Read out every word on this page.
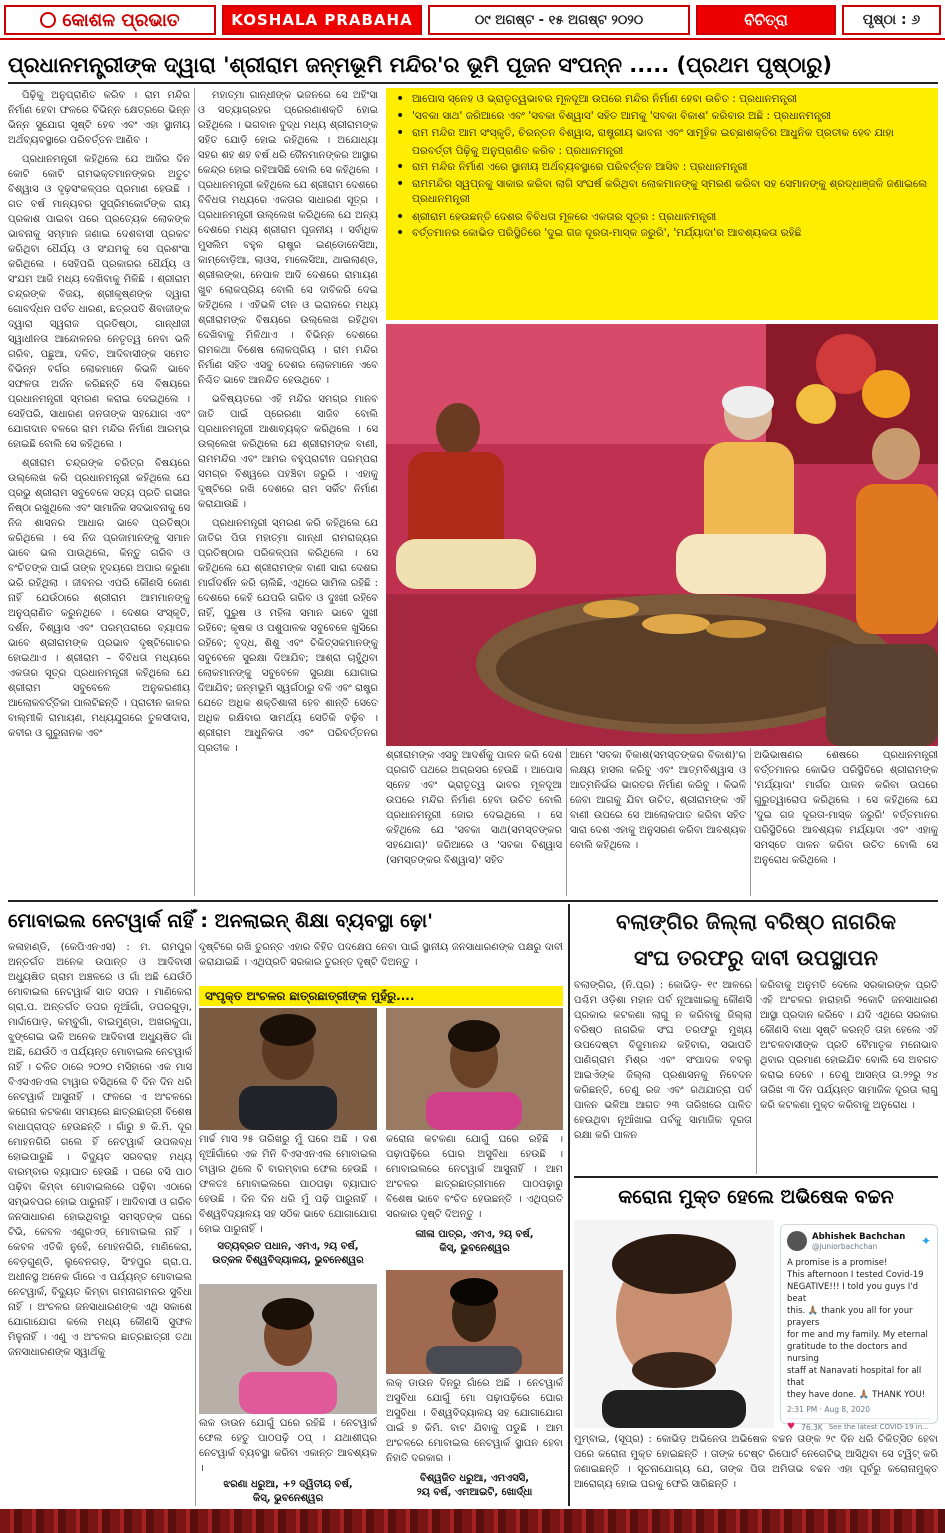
କୋଶଳ ପ୍ରଭାତ	KOSHALA PRABAHA	୦୯ ଅଗଷ୍ଟ - ୧୫ ଅଗଷ୍ଟ ୨୦୨୦	ବିଚିତ୍ରା	ପୃଷ୍ଠା : ୬
ପ୍ରଧାନମନ୍ତ୍ରୀଙ୍କ ଦ୍ୱାରା 'ଶ୍ରୀରାମ ଜନ୍ମଭୂମି ମନ୍ଦିର'ର ଭୂମି ପୂଜନ ସଂପନ୍ନ ..... (ପ୍ରଥମ ପୃଷ୍ଠାରୁ)

ପିଢ଼ିକୁ ଅନୁପ୍ରାଣିତ କରିବ । ରାମ ମନ୍ଦିର ନିର୍ମାଣ ହେବା ଫଳରେ ବିଭିନ୍ନ କ୍ଷେତ୍ରରେ ଭିନ୍ନ ଭିନ୍ନ ସୁଯୋଗ ସୃଷ୍ଟି ହେବ ଏବଂ ଏହା ସ୍ଥାନୀୟ ଅର୍ଥବ୍ୟବସ୍ଥାରେ ପରିବର୍ତ୍ତନ ଆଣିବ ।

ପ୍ରଧାନମନ୍ତ୍ରୀ କହିଥିଲେ ଯେ ଆଜିର ଦିନ କୋଟି କୋଟି ରାମଭକ୍ତମାନଙ୍କର ଅତୁଟ ବିଶ୍ୱାସ ଓ ଦୃଢ଼ସଂକଳ୍ପର ପ୍ରମାଣ ହେଉଛି । ଗତ ବର୍ଷ ମାନ୍ୟବର ସୁପ୍ରିମକୋର୍ଟଙ୍କ ରାୟ ପ୍ରକାଶ ପାଇବା ପରେ ପ୍ରତ୍ୟେକ ଲୋକଙ୍କ ଭାବନାକୁ ସମ୍ମାନ ଜଣାଇ ଦେଶବାସୀ ପ୍ରକଟ କରିଥିବା ଧୈର୍ଯ୍ୟ ଓ ସଂଯମକୁ ସେ ପ୍ରଶଂସା କରିଥିଲେ । ସେହିପରି ପ୍ରକାରର ଧୈର୍ଯ୍ୟ ଓ ସଂଯମ ଆଜି ମଧ୍ୟ ଦେଖିବାକୁ ମିଳିଛି । ଶ୍ରୀରାମ ଚନ୍ଦ୍ରଙ୍କ ବିଜୟ, ଶ୍ରୀକୃଷ୍ଣଙ୍କ ଦ୍ୱାରା ଗୋବର୍ଦ୍ଧନ ପର୍ବତ ଧାରଣ, ଛତ୍ରପତି ଶିବାଜୀଙ୍କ ଦ୍ୱାରା ସ୍ୱରାଜ ପ୍ରତିଷ୍ଠା, ଗାନ୍ଧୀଜୀ ସ୍ୱାଧୀନତା ଆନ୍ଦୋଳନର ନେତୃତ୍ୱ ନେବା ଭଳି ଗରିବ, ପଛୁଆ, ଦଳିତ, ଆଦିବାସୀଙ୍କ ସମେତ ବିଭିନ୍ନ ବର୍ଗର ଲୋକମାନେ କିଭଳି ଭାବେ ସଫଳତା ଅର୍ଜନ କରିଛନ୍ତି ସେ ବିଷୟରେ ପ୍ରଧାନମନ୍ତ୍ରୀ ସ୍ମରଣ କରାଇ ଦେଇଥିଲେ । ସେହିପରି, ସାଧାରଣ ଜନତାଙ୍କ ସହଯୋଗ ଏବଂ ଯୋଗଦାନ ବଳରେ ରାମ ମନ୍ଦିର ନିର୍ମାଣ ଆରମ୍ଭ ହୋଇଛି ବୋଲି ସେ କହିଥିଲେ ।

ଶ୍ରୀରାମ ଚନ୍ଦ୍ରଙ୍କ ଚରିତ୍ର ବିଷୟରେ ଉଲ୍ଲେଖ କରି ପ୍ରଧାନମନ୍ତ୍ରୀ କହିଥିଲେ ଯେ ପ୍ରଭୁ ଶ୍ରୀରାମ ସବୁବେଳେ ସତ୍ୟ ପ୍ରତି ଗଭୀର ନିଷ୍ଠା ରଖୁଥିଲେ ଏବଂ ସାମାଜିକ ସଦଭାବନାକୁ ସେ ନିଜ ଶାସନର ଆଧାର ଭାବେ ପ୍ରତିଷ୍ଠା କରିଥିଲେ । ସେ ନିଜ ପ୍ରଜାମାନଙ୍କୁ ସମାନ ଭାବେ ଭଲ ପାଉଥିଲେ, କିନ୍ତୁ ଗରିବ ଓ ବଂଚିତଙ୍କ ପାଇଁ ତାଙ୍କ ହୃଦୟରେ ଅପାର କରୁଣା ଭରି ରହିଥିଲା । ଜୀବନର ଏପରି କୌଣସି କୋଣ ନାହିଁ ଯେଉଁଠାରେ ଶ୍ରୀରାମ ଆମମାନଙ୍କୁ ଅନୁପ୍ରାଣିତ କରୁନଥିବେ । ଦେଶର ସଂସ୍କୃତି, ଦର୍ଶନ, ବିଶ୍ୱାସ ଏବଂ ପରମ୍ପରାରେ ବ୍ୟାପକ ଭାବେ ଶ୍ରୀରାମଙ୍କ ପ୍ରଭାବ ଦୃଷ୍ଟିଗୋଚର ହୋଇଥାଏ । ଶ୍ରୀରାମ – ବିବିଧତା ମଧ୍ୟରେ ଏକତାର ସୂତ୍ର ପ୍ରଧାନମନ୍ତ୍ରୀ କହିଥିଲେ ଯେ ଶ୍ରୀରାମ ସବୁବେଳେ ଅନୁକରଣୀୟ ଆଲୋକବର୍ତ୍ତିକା ପାଲଟିଛନ୍ତି । ପ୍ରାଚୀନ କାଳର ବାଲ୍ମୀକି ରାମାୟଣ, ମଧ୍ୟଯୁଗରେ ତୁଳସୀଦାସ, କବୀର ଓ ଗୁରୁନାନକ ଏବଂ

ମହାତ୍ମା ଗାନ୍ଧୀଙ୍କ ଭଜନରେ ସେ ଅହିଂସା ଓ ସତ୍ୟାଗ୍ରହର ପ୍ରେରଣାଶକ୍ତି ହୋଇ ରହିଥିଲେ । ଭଗବାନ ବୁଦ୍ଧ ମଧ୍ୟ ଶ୍ରୀରାମଙ୍କ ସହିତ ଯୋଡ଼ି ହୋଇ ରହିଥିଲେ । ଅଯୋଧ୍ୟା ସହର ଶହ ଶହ ବର୍ଷ ଧରି ଜୈନମାନଙ୍କର ଆସ୍ଥାର କେନ୍ଦ୍ର ହୋଇ ରହିଆସିଛି ବୋଲି ସେ କହିଥିଲେ । ପ୍ରଧାନମନ୍ତ୍ରୀ କହିଥିଲେ ଯେ ଶ୍ରୀରାମ ଦେଶରେ ବିବିଧତା ମଧ୍ୟରେ ଏକତାର ସାଧାରଣ ସୂତ୍ର । ପ୍ରଧାନମନ୍ତ୍ରୀ ଉଲ୍ଲେଖ କରିଥିଲେ ଯେ ଅନ୍ୟ ଦେଶରେ ମଧ୍ୟ ଶ୍ରୀରାମ ପୂଜନୀୟ । ସର୍ବାଧିକ ମୁସଲିମ ବହୁଳ ରାଷ୍ଟ୍ର ଇଣ୍ଡୋନେସିଆ, କାମ୍ବୋଡ଼ିଆ, ଲାଓସ, ମାଲେସିଆ, ଥାଇଲାଣ୍ଡ, ଶ୍ରୀଲଙ୍କା, ନେପାଳ ଆଦି ଦେଶରେ ରାମାୟଣ ଖୁବ ଲୋକପ୍ରିୟ ବୋଲି ସେ ଦାବିକରି ଦେଇ କହିଥିଲେ । ଏହିଭଳି ଚୀନ ଓ ଇରାନରେ ମଧ୍ୟ ଶ୍ରୀରାମଙ୍କ ବିଷୟରେ ଉଲ୍ଲେଖ ରହିଥିବା ଦେଖିବାକୁ ମିଳିଥାଏ । ବିଭିନ୍ନ ଦେଶରେ ରାମକଥା ବିଶେଷ ଲୋକପ୍ରିୟ । ରାମ ମନ୍ଦିର ନିର୍ମାଣ ସହିତ ଏସବୁ ଦେଶର ଲୋକମାନେ ଏବେ ନିଶ୍ଚିତ ଭାବେ ଆନନ୍ଦିତ ହେଉଥିବେ ।

ଭବିଷ୍ୟତରେ ଏହି ମନ୍ଦିର ସମଗ୍ର ମାନବ ଜାତି ପାଇଁ ପ୍ରେରଣା ସାଜିବ ବୋଲି ପ୍ରଧାନମନ୍ତ୍ରୀ ଆଶାବ୍ୟକ୍ତ କରିଥିଲେ । ସେ ଉଲ୍ଲେଖ କରିଥିଲେ ଯେ ଶ୍ରୀରାମଙ୍କ ବାଣୀ, ରାମମନ୍ଦିର ଏବଂ ଆମର ବହୁପ୍ରାଚୀନ ପରମ୍ପରା ସମଗ୍ର ବିଶ୍ୱରେ ପହଞ୍ଚିବା ଜରୁରି । ଏହାକୁ ଦୃଷ୍ଟିରେ ରଖି ଦେଶରେ ରାମ ସର୍କିଟ ନିର୍ମାଣ କରାଯାଉଛି ।

ପ୍ରଧାନମନ୍ତ୍ରୀ ସ୍ମରଣ କରି କହିଥିଲେ ଯେ ଜାତିର ପିତା ମହାତ୍ମା ଗାନ୍ଧୀ ରାମରାଜ୍ୟର ପ୍ରତିଷ୍ଠାର ପରିକଳ୍ପନା କରିଥିଲେ । ସେ କହିଥିଲେ ଯେ ଶ୍ରୀରାମଙ୍କ ବାଣୀ ସାରା ଦେଶର ମାର୍ଗଦର୍ଶନ କରି ଚାଲିଛି, ଏଥିରେ ସାମିଲ ରହିଛି : ଦେଶରେ କେହି ଯେପରି ଗରିବ ଓ ଦୁଃଖୀ ରହିବେ ନାହିଁ, ପୁରୁଷ ଓ ମହିଳା ସମାନ ଭାବେ ସୁଖୀ ରହିବେ; କୃଷକ ଓ ପଶୁପାଳକ ସବୁବେଳେ ଖୁସିରେ ରହିବେ; ବୃଦ୍ଧ, ଶିଶୁ ଏବଂ ଚିକିତ୍ସକମାନଙ୍କୁ ସବୁବେଳେ ସୁରକ୍ଷା ଦିଆଯିବ; ଆଶ୍ରା ଚାହୁଁଥିବା ଲୋକମାନଙ୍କୁ ସବୁବେଳେ ସୁରକ୍ଷା ଯୋଗାଇ ଦିଆଯିବ; ଜନ୍ମଭୂମି ସ୍ୱର୍ଗଠାରୁ ବଳି ଏବଂ ରାଷ୍ଟ୍ର ଯେତେ ଅଧିକ ଶକ୍ତିଶାଳୀ ହେବ ଶାନ୍ତି ସେତେ ଅଧିକ ରକ୍ଷିବାର ସାମର୍ଥ୍ୟ ସେତିକି ବଢ଼ିବ । ଶ୍ରୀରାମ ଆଧୁନିକତା ଏବଂ ପରିବର୍ତ୍ତନର ପ୍ରତୀକ ।

• ଆପୋସ ସ୍ନେହ ଓ ଭ୍ରାତୃତ୍ୱଭାବର ମୂଳଦୂଆ ଉପରେ ମନ୍ଦିର ନିର୍ମାଣ ହେବା ଉଚିତ : ପ୍ରଧାନମନ୍ତ୍ରୀ
• 'ସବକା ସାଥ' ଜରିଆରେ ଏବଂ 'ସବକା ବିଶ୍ୱାସ' ସହିତ ଆମକୁ 'ସବକା ବିକାଶ' କରିବାର ଅଛି : ପ୍ରଧାନମନ୍ତ୍ରୀ
• ରାମ ମନ୍ଦିର ଆମ ସଂସ୍କୃତି, ଚିରନ୍ତନ ବିଶ୍ୱାସ, ରାଷ୍ଟ୍ରୀୟ ଭାବନା ଏବଂ ସାମୂହିକ ଇଚ୍ଛାଶକ୍ତିର ଆଧୁନିକ ପ୍ରତୀକ ହେବ ଯାହା
ପରବର୍ତ୍ତୀ ପିଢ଼ିକୁ ଅନୁପ୍ରାଣିତ କରିବ : ପ୍ରଧାନମନ୍ତ୍ରୀ
• ରାମ ମନ୍ଦିର ନିର୍ମାଣ ଏରେ ସ୍ଥାନୀୟ ଅର୍ଥବ୍ୟବସ୍ଥାରେ ପରିବର୍ତ୍ତନ ଆସିବ : ପ୍ରଧାନମନ୍ତ୍ରୀ
• ରାମମନ୍ଦିର ସ୍ୱପ୍ନକୁ ସାକାର କରିବା ଲାଗି ସଂଘର୍ଷ କରିଥିବା ଲୋକମାନଙ୍କୁ ସ୍ମରଣ କରିବା ସହ ସେମାନଙ୍କୁ ଶ୍ରଦ୍ଧାଞ୍ଜଳି ଜଣାଇଲେ ପ୍ରଧାନମନ୍ତ୍ରୀ
• ଶ୍ରୀରାମ ହେଉଛନ୍ତି ଦେଶର ବିବିଧତା ମୂଳରେ ଏକତାର ସୂତ୍ର : ପ୍ରଧାନମନ୍ତ୍ରୀ
• ବର୍ତ୍ତମାନର କୋଭିଡ ପରିସ୍ଥିତିରେ 'ଦୁଇ ଗଜ ଦୂରତା-ମାସ୍କ ଜରୁରି', 'ମର୍ଯ୍ୟାଦା'ର ଆବଶ୍ୟକତା ରହିଛି
ଶ୍ରୀରାମଙ୍କ ଏସବୁ ଆଦର୍ଶକୁ ପାଳନ କରି ଦେଶ ପ୍ରଗତି ପଥରେ ଅଗ୍ରସର ହେଉଛି । ଆପୋସ ସ୍ନେହ ଏବଂ ଭ୍ରାତୃତ୍ୱ ଭାବର ମୂଳଦୂଆ ଉପରେ ମନ୍ଦିର ନିର୍ମାଣ ହେବା ଉଚିତ ବୋଲି ପ୍ରଧାନମନ୍ତ୍ରୀ ଜୋର ଦେଇଥିଲେ । ସେ କହିଥିଲେ ଯେ 'ସବକା ସାଥ(ସମସ୍ତଙ୍କର ସହଯୋଗ)' ଜରିଆରେ ଓ 'ସବକା ବିଶ୍ୱାସ (ସମସ୍ତଙ୍କର ବିଶ୍ୱାସ)' ସହିତ
ଆମେ 'ସବକା ବିକାଶ(ସମସ୍ତଙ୍କର ବିକାଶ)'ର ଲକ୍ଷ୍ୟ ହାସଲ କରିବୁ ଏବଂ ଆତ୍ମବିଶ୍ୱାସ ଓ ଆତ୍ମନିର୍ଭର ଭାରତର ନିର୍ମାଣ କରିବୁ । କିଭଳି ଜେବା ଆଗକୁ ଯିବା ଉଚିତ, ଶ୍ରୀରାମଙ୍କ ଏହି ବାଣୀ ଉପରେ ସେ ଆଲୋକପାତ କରିବା ସହିତ ସାରା ଦେଶ ଏହାକୁ ଅନୁସରଣ କରିବା ଆବଶ୍ୟକ ବୋଲି କହିଥିଲେ ।
ଅଭିଭାଷଣର ଶେଷରେ ପ୍ରଧାନମନ୍ତ୍ରୀ ବର୍ତ୍ତମାନର କୋଭିଡ ପରିସ୍ଥିତିରେ ଶ୍ରୀରାମଙ୍କ 'ମର୍ଯ୍ୟାଦା' ମାର୍ଗର ପାଳନ କରିବା ଉପରେ ଗୁରୁତ୍ୱାରୋପ କରିଥିଲେ । ସେ କହିଥିଲେ ଯେ 'ଦୁଇ ଗଜ ଦୂରତା-ମାସ୍କ ଜରୁରି' ବର୍ତ୍ତମାନର ପରିସ୍ଥିତିରେ ଆବଶ୍ୟକ ମର୍ଯ୍ୟାଦା ଏବଂ ଏହାକୁ ସମସ୍ତେ ପାଳନ କରିବା ଉଚିତ ବୋଲି ସେ ଅନୁରୋଧ କରିଥିଲେ ।
ମୋବାଇଲ ନେଟୱାର୍କ ନାହିଁ : ଅନଲାଇନ୍ ଶିକ୍ଷା ବ୍ୟବସ୍ଥା ଢ଼ୋ'
କଳାହାଣ୍ଡି, (କେପିଏନଏସ) : ମ. ରାମପୁର ଅନ୍ତର୍ଗତ ଅନେକ ଉପାନ୍ତ ଓ ଆଦିବାସୀ ଅଧ୍ୟୁଷିତ ଗ୍ରାମ ଅଞ୍ଚଳରେ ଓ ଗାଁ ଅଛି ଯେଉଁଠି ମୋବାଇଲ ନେଟୱାର୍କ ସାତ ସପନ । ମାଣିକେରା ଗ୍ରା.ପ. ଅନ୍ତର୍ଗତ ଡପର ନୂଆଁଗାଁ, ଡପରଗୁଡ଼ା, ମାର୍ଦ୍ଦାପୋଡ଼, କମ୍ବୁଗାଁ, ବାଇମୁଣ୍ଡା, ଅଖରକୁପା, ଝୁଙ୍ଗେଇ ଭଳି ଅନେକ ଆଦିବାସୀ ଅଧ୍ୟୁଷିତ ଗାଁ ଅଛି, ଯେଉଁଠି ଏ ପର୍ଯ୍ୟନ୍ତ ମୋବାଇଲ ନେଟୱାର୍କ ନାହିଁ । ଚଳିତ ଠାରେ ୨୦୨୦ ମସିହାରେ ଏକ ମାସ ବିଏସଏନଏଲ ଟାୱାର ବସିଥିଲେ ବି ଦିନ ଦିନ ଧରି ନେଟୱାର୍କ ଆସୁନାହିଁ । ଫଳରେ ଏ ଅଂଚଳରେ କରୋନା କଟକଣା ସମୟରେ ଛାତ୍ରଛାତ୍ରୀ ବିଶେଷ ବାଧାପ୍ରାପ୍ତ ହେଉଛନ୍ତି । ଗାଁରୁ ୭ କି.ମି. ଦୂର ମୋହନଗିରି ଗଲେ ହିଁ ନେଟୱାର୍କ ଉପଲବ୍ଧ ହୋଇପାରୁଛି । ବିଦ୍ୟୁତ ସରବରାହ ମଧ୍ୟ ବାରମ୍ବାର ବ୍ୟାଘାତ ହେଉଛି । ଘରେ ବସି ପାଠ ପଢ଼ିବା କିମ୍ବା ମୋବାଇଲରେ ପଢ଼ିବା ଏଠାରେ ସମ୍ଭବପର ହୋଇ ପାରୁନାହିଁ । ଆଦିବାସୀ ଓ ଗରିବ ଜନସାଧାରଣ ହୋଇଥିବାରୁ ସମସ୍ତଙ୍କ ଘରେ ଟିଭି, କେବଳ ଏଣ୍ଡ୍ରଏଡ୍ ମୋବାଇଲ ନାହିଁ । କେବଳ ଏତିକି ନୁହେଁ, ମୋହନଗିରି, ମାଣିକେରା, ବେଡ଼ଗୁଣ୍ଡି, ଲୁବେନଗଡ଼, ସିଂହପୁର ଗ୍ରା.ପ. ଅଧୀନସ୍ଥ ଅନେକ ଗାଁରେ ଏ ପର୍ଯ୍ୟନ୍ତ ମୋବାଇଲ ନେଟୱାର୍କ, ବିଦ୍ୟୁତ କିମ୍ବା ଗମନାଗମନର ସୁବିଧା ନାହିଁ । ଅଂଚଳର ଜନସାଧାରଣଙ୍କ ଏଥି ସକାଶେ ଯୋଗାଯୋଗ କଲେ ମଧ୍ୟ କୌଣସି ସୁଫଳ ମିଳୁନାହିଁ । ଏଣୁ ଏ ଅଂଚଳର ଛାତ୍ରଛାତ୍ରୀ ତଥା ଜନସାଧାରଣଙ୍କ ସ୍ୱାର୍ଥକୁ
ଦୃଷ୍ଟିରେ ରଖି ତୁରନ୍ତ ଏହାର ବିହିତ ପଦକ୍ଷେପ ନେବା ପାଇଁ ସ୍ଥାନୀୟ ଜନସାଧାରଣଙ୍କ ପକ୍ଷରୁ ଦାବୀ କରାଯାଇଛି । ଏଥିପ୍ରତି ସରକାର ତୁରନ୍ତ ଦୃଷ୍ଟି ଦିଅନ୍ତୁ ।
ସଂପୃକ୍ତ ଅଂଚଳର ଛାତ୍ରଛାତ୍ରୀଙ୍କ ମୁହଁରୁ....
ମାର୍ଚ୍ଚ ମାସ ୨୫ ତାରିଖରୁ ମୁଁ ଘରେ ଅଛି । ଦଶ ନୂଆଁଗାଁରେ ଏକ ମିନି ବିଏସଏନଏଲ ମୋବାଇଲ ଟାୱାର ଥିଲେ ବି ବାରମ୍ବାର ଫେଲ ହେଉଛି । ଫଳତଃ ମୋବାଇଲରେ ପାଠପଢ଼ା ବ୍ୟାଘାତ ହେଉଛି । ଦିନ ଦିନ ଧରି ମୁଁ ପଢ଼ି ପାରୁନାହିଁ । ବିଶ୍ୱବିଦ୍ୟାଳୟ ସହ ସଠିକ ଭାବେ ଯୋଗାଯୋଗ ହୋଇ ପାରୁନାହିଁ ।
ସତ୍ୟବ୍ରତ ପଧାନ, ଏମଏ, ୨ୟ ବର୍ଷ,
ଉତ୍କଳ ବିଶ୍ୱବିଦ୍ୟାଳୟ, ଭୁବନେଶ୍ୱର
କରୋନା କଟକଣା ଯୋଗୁଁ ଘରେ ରହିଛି । ପଢ଼ାପଢ଼ିରେ ଘୋର ଅସୁବିଧା ହେଉଛି । ମୋବାଇଲରେ ନେଟୱାର୍କ ଆସୁନାହିଁ । ଆମ ଅଂଚଳର ଛାତ୍ରଛାତ୍ରୀମାନେ ପାଠପଢ଼ାରୁ ବିଶେଷ ଭାବେ ବଂଚିତ ହେଉଛନ୍ତି । ଏଥିପ୍ରତି ସରକାର ଦୃଷ୍ଟି ଦିଅନ୍ତୁ ।
ଲୀଳା ପାତ୍ର, ଏମଏ, ୨ୟ ବର୍ଷ,
କିସ୍, ଭୁବନେଶ୍ୱର
ଲକ ଡାଉନ ଯୋଗୁଁ ଘରେ ରହିଛି । ନେଟୱାର୍କ ଫେଲ ହେତୁ ପାଠପଢ଼ି ଠପ୍ । ଯଥାଶୀଘ୍ର ନେଟୱାର୍କ ବ୍ୟବସ୍ଥା କରିବା ଏକାନ୍ତ ଆବଶ୍ୟକ ।
ଝରଣା ଧରୁଆ, +୨ ଦ୍ୱିତୀୟ ବର୍ଷ,
କିସ୍, ଭୁବନେଶ୍ୱର
ଲକ୍ ଡାଉନ ଦିନରୁ ଗାଁରେ ଅଛି । ନେଟୱାର୍କ ଅସୁବିଧା ଯୋଗୁଁ ମୋ ପଢ଼ାପଢ଼ିରେ ଘୋର ଅସୁବିଧା । ବିଶ୍ୱବିଦ୍ୟାଳୟ ସହ ଯୋଗାଯୋଗ ପାଇଁ ୭ କିମି. ବାଟ ଯିବାକୁ ପଡୁଛି । ଆମ ଅଂଚଳରେ ମୋବାଇଲ ନେଟୱାର୍କ ସ୍ଥାପନ ହେବା ନିହାତି ଦରକାର ।
ବିଶ୍ୱଜିତ ଧରୁଆ, ଏମଏସସି,
୨ୟ ବର୍ଷ, ଏମଆଇଟି, ଖୋର୍ଦ୍ଧା
ବଲାଙ୍ଗିର ଜିଲ୍ଲା ବରିଷ୍ଠ ନାଗରିକ
ସଂଘ ତରଫରୁ ଦାବୀ ଉପସ୍ଥାପନ
ବଲାଙ୍ଗିର, (ନି.ପ୍ର) : କୋଭିଡ଼- ୧୯ ଆଳରେ ପଶ୍ଚିମ ଓଡ଼ିଶା ମହାନ ପର୍ବ ନୂଆଖାଇକୁ କୌଣସି ପ୍ରକାର କଟକଣା ଲାଗୁ ନ କରିବାକୁ ଜିଲ୍ଲା ବରିଷ୍ଠ ନାଗରିକ ସଂଘ ତରଫରୁ ମୁଖ୍ୟ ଉପଦେଷ୍ଟା ବିଜୁମାନନ୍ଦ କହିବାର, ସଭାପତି ପାଣିଗ୍ରାମ ମିଶ୍ର ଏବଂ ସଂପାଦକ ବବଲୁ ଆଇଏଁଙ୍କ ଜିଲ୍ଲା ପ୍ରଶାସନକୁ ନିବେଦନ କରିଛନ୍ତି, ତେଣୁ ରଜ ଏବଂ ରଥଯାତ୍ରା ପର୍ବ ପାଳନ ଭଳିଆ ଆଗତ ୨୩ ତାରିଖରେ ପାଳିତ ହେଉଥିବା ନୂଆଁଖାଇ ପର୍ବକୁ ସାମାଜିକ ଦୂରତା ରକ୍ଷା କରି ପାଳନ
କରିବାକୁ ଅନୁମତି ଦେଲେ ସରକାରଙ୍କ ପ୍ରତି ଏହି ଅଂଚଳର ହାରାହାରି ୨କୋଟି ଜନସାଧାରଣ ଆସ୍ଥା ପ୍ରଦାନ କରିବେ । ଯଦି ଏଥିରେ ସରକାର କୌଣସି ବାଧା ସୃଷ୍ଟି କରନ୍ତି ତାହା ହେଲେ ଏହି ଅଂଚଳବାସୀଙ୍କ ପ୍ରତି ବୈମାତୃକ ମନୋଭାବ ଥିବାର ପ୍ରମାଣ ହୋଇଯିବ ବୋଲି ସେ ଅବଗତ କରାଇ ଦେବେ । ତେଣୁ ଆସନ୍ତା ତା.୨୨ରୁ ୨୪ ତାରିଖ ୩ ଦିନ ପର୍ଯ୍ୟନ୍ତ ସାମାଜିକ ଦୂରତା ଲାଗୁ କରି କଟକଣା ମୁକ୍ତ କରିବାକୁ ଅନୁରୋଧ ।
କରୋନା ମୁକ୍ତ ହେଲେ ଅଭିଷେକ ବଚ୍ଚନ
Abhishek Bachchan
@juniorbachchan	✦
A promise is a promise!
This afternoon I tested Covid-19
NEGATIVE!!! I told you guys I'd beat
this. 🙏🏽 thank you all for your prayers
for me and my family. My eternal
gratitude to the doctors and nursing
staff at Nanavati hospital for all that
they have done. 🙏🏽 THANK YOU!
2:31 PM · Aug 8, 2020
♥ 76.3K See the latest COVID-19 in...
ମୁମ୍ବାଇ, (ସୂପ୍ର) : କୋଭିଡ଼ ଅଭିନେତା ଅଭିଷେକ ବଚ୍ଚନ ତାଙ୍କ ୨୯ ଦିନ ଧରି ଚିକିତ୍ସିତ ହେବା ପରେ କରୋନା ମୁକ୍ତ ହୋଇଛନ୍ତି । ତାଙ୍କ ଟେଷ୍ଟ ରିପୋର୍ଟ ନେଗେଟିଭ୍ ଆସିଥିବା ସେ ଟ୍ୱିଟ୍ କରି ଜଣାଇଛନ୍ତି । ସୂଚନାଯୋଗ୍ୟ ଯେ, ତାଙ୍କ ପିତା ଅମିତାଭ ବଚ୍ଚନ ଏହା ପୂର୍ବରୁ କରୋନାମୁକ୍ତ ଆରୋଗ୍ୟ ହୋଇ ଘରକୁ ଫେରି ସାରିଛନ୍ତି ।
